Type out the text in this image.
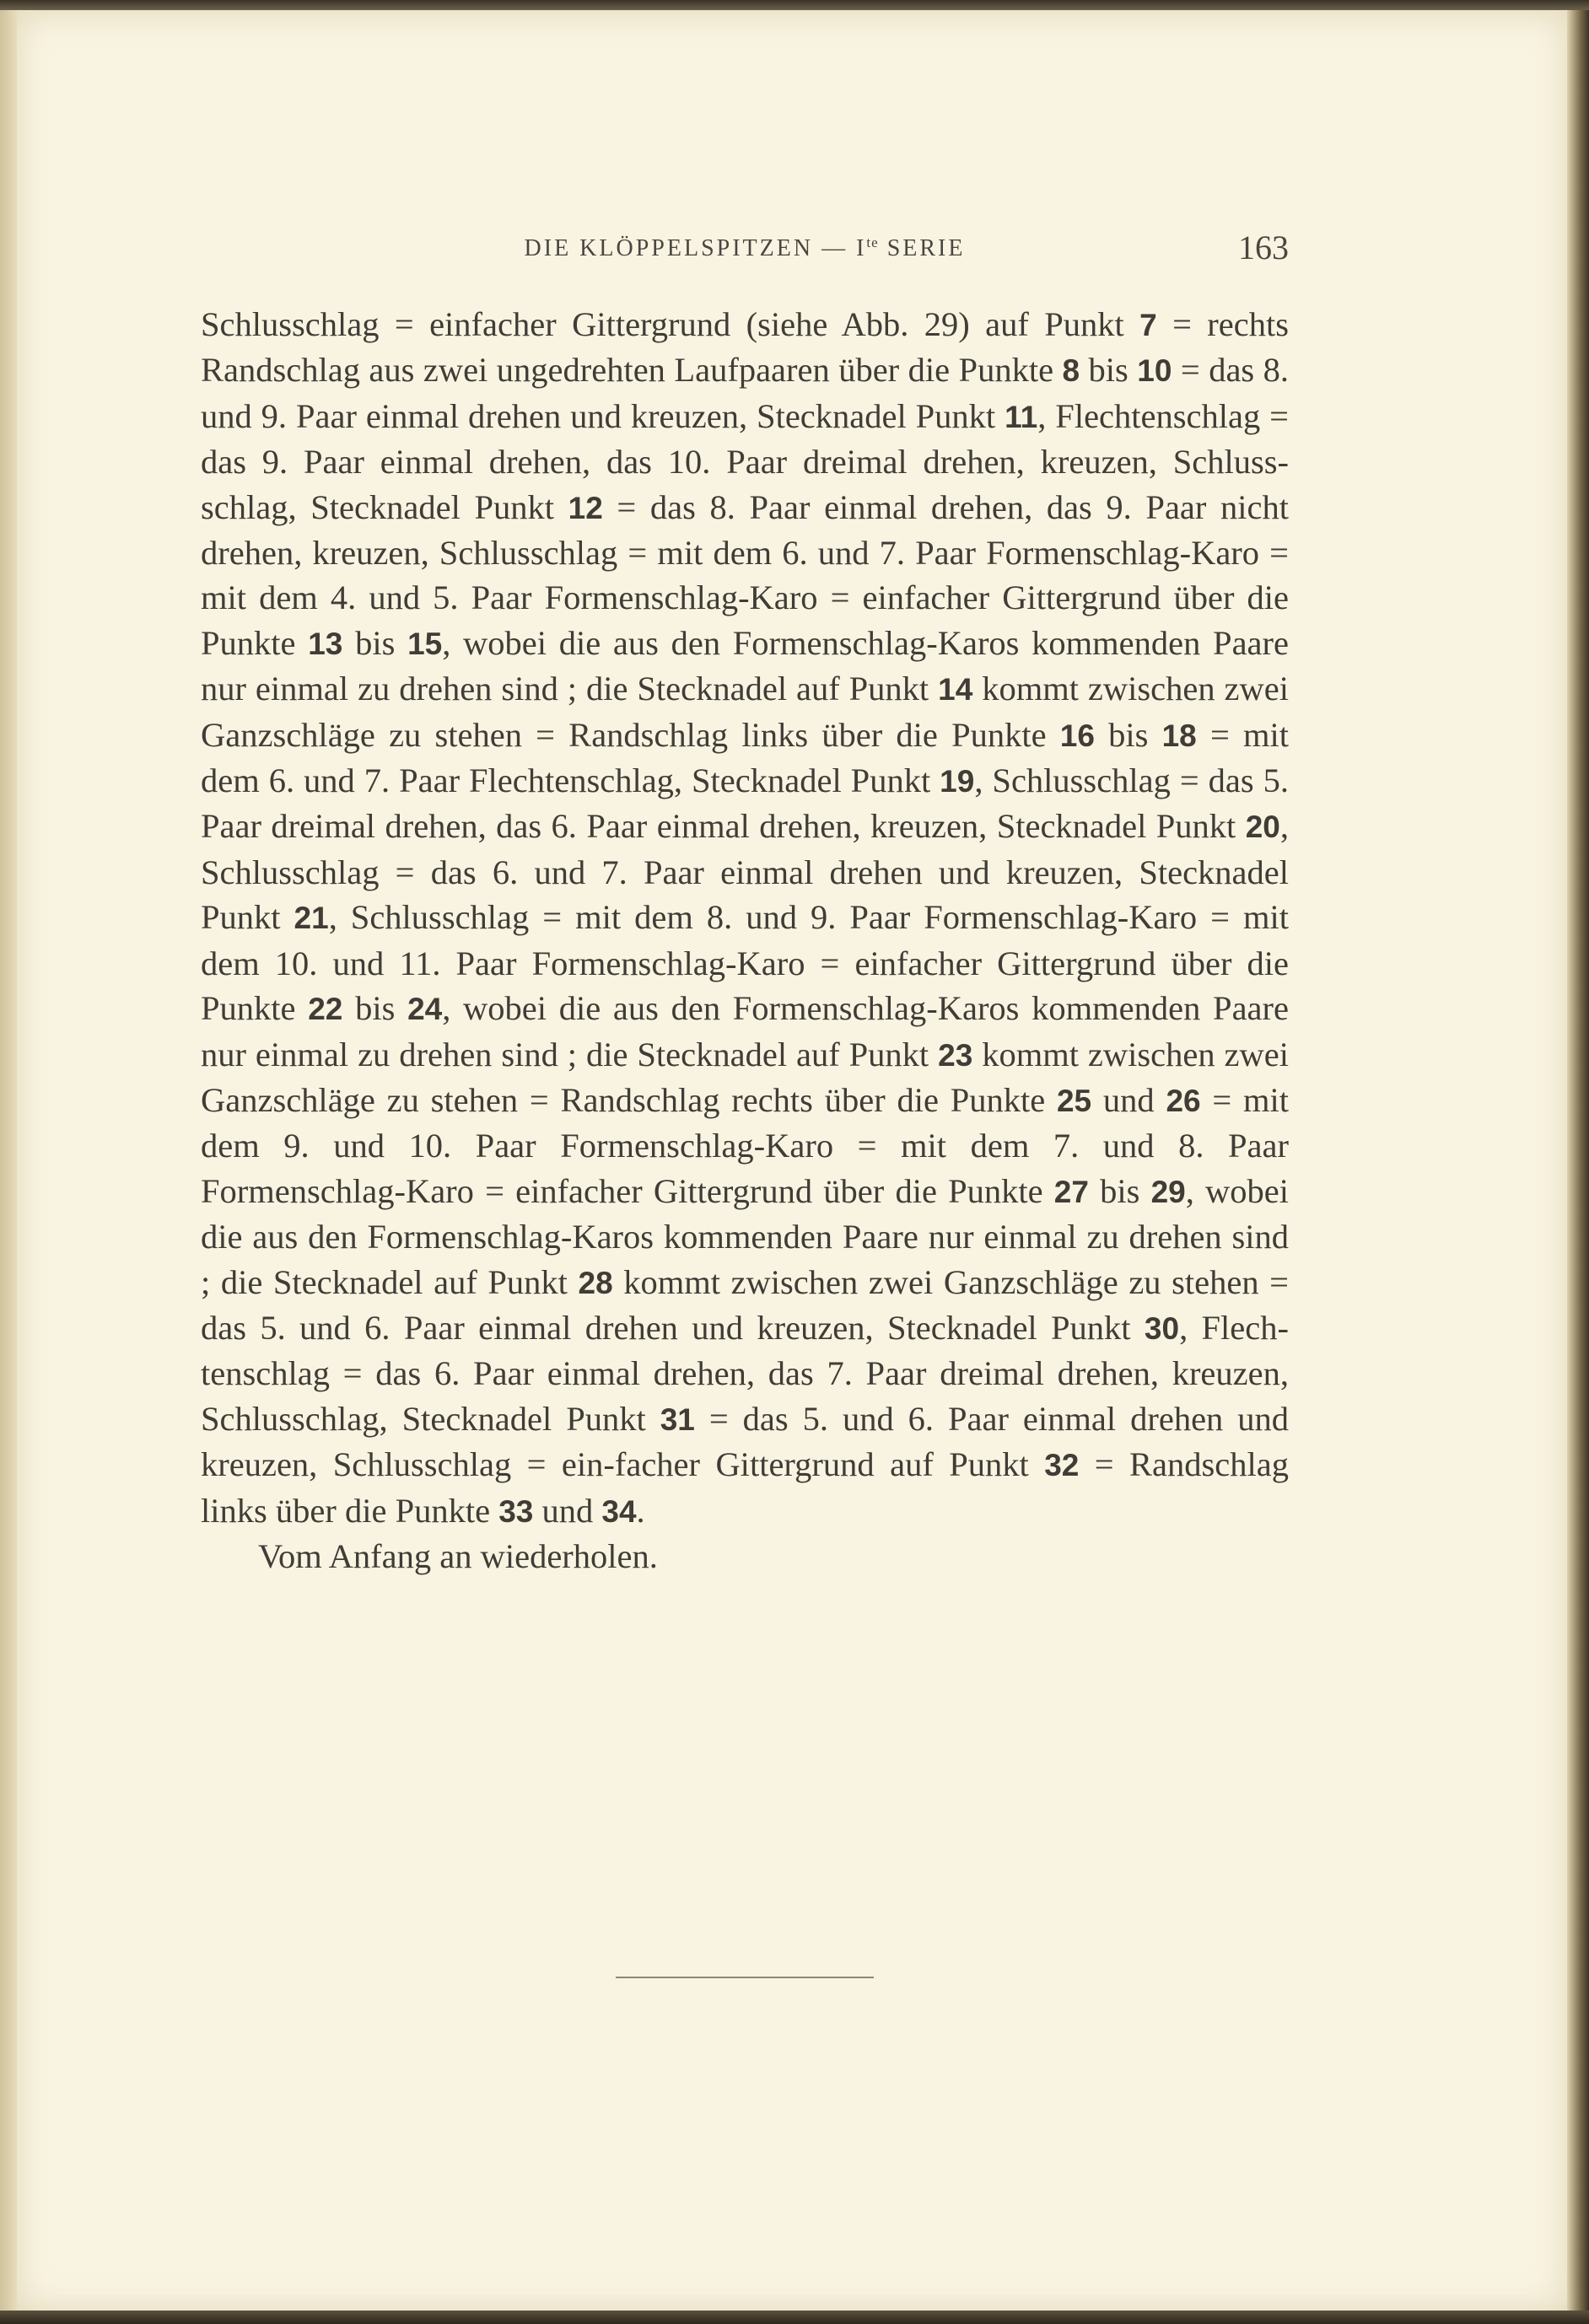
DIE KLÖPPELSPITZEN — $I^{te}$ SERIE	163

Schlusschlag = einfacher Gittergrund (siehe Abb. 29) auf Punkt 7 = rechts Randschlag aus zwei ungedrehten Laufpaaren über die Punkte 8 bis 10 = das 8. und 9. Paar einmal drehen und kreuzen, Stecknadel Punkt 11, Flechtenschlag = das 9. Paar einmal drehen, das 10. Paar dreimal drehen, kreuzen, Schluss-schlag, Stecknadel Punkt 12 = das 8. Paar einmal drehen, das 9. Paar nicht drehen, kreuzen, Schlusschlag = mit dem 6. und 7. Paar Formenschlag-Karo = mit dem 4. und 5. Paar Formenschlag-Karo = einfacher Gittergrund über die Punkte 13 bis 15, wobei die aus den Formenschlag-Karos kommenden Paare nur einmal zu drehen sind ; die Stecknadel auf Punkt 14 kommt zwischen zwei Ganzschläge zu stehen = Randschlag links über die Punkte 16 bis 18 = mit dem 6. und 7. Paar Flechtenschlag, Stecknadel Punkt 19, Schlusschlag = das 5. Paar dreimal drehen, das 6. Paar einmal drehen, kreuzen, Stecknadel Punkt 20, Schlusschlag = das 6. und 7. Paar einmal drehen und kreuzen, Stecknadel Punkt 21, Schlusschlag = mit dem 8. und 9. Paar Formenschlag-Karo = mit dem 10. und 11. Paar Formenschlag-Karo = einfacher Gittergrund über die Punkte 22 bis 24, wobei die aus den Formenschlag-Karos kommenden Paare nur einmal zu drehen sind ; die Stecknadel auf Punkt 23 kommt zwischen zwei Ganzschläge zu stehen = Randschlag rechts über die Punkte 25 und 26 = mit dem 9. und 10. Paar Formenschlag-Karo = mit dem 7. und 8. Paar Formenschlag-Karo = einfacher Gittergrund über die Punkte 27 bis 29, wobei die aus den Formenschlag-Karos kommenden Paare nur einmal zu drehen sind ; die Stecknadel auf Punkt 28 kommt zwischen zwei Ganzschläge zu stehen = das 5. und 6. Paar einmal drehen und kreuzen, Stecknadel Punkt 30, Flech-tenschlag = das 6. Paar einmal drehen, das 7. Paar dreimal drehen, kreuzen, Schlusschlag, Stecknadel Punkt 31 = das 5. und 6. Paar einmal drehen und kreuzen, Schlusschlag = ein-facher Gittergrund auf Punkt 32 = Randschlag links über die Punkte 33 und 34.

Vom Anfang an wiederholen.
